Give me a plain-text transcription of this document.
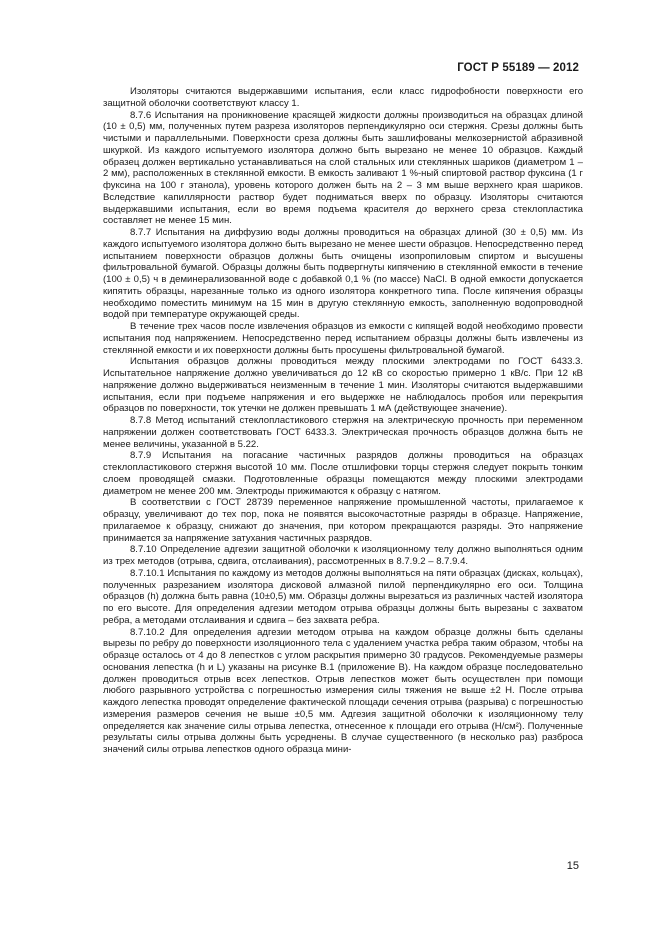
ГОСТ Р 55189 — 2012

Изоляторы считаются выдержавшими испытания, если класс гидрофобности поверхности его защитной оболочки соответствуют классу 1.

8.7.6 Испытания на проникновение красящей жидкости должны производиться на образцах длиной (10 ± 0,5) мм, полученных путем разреза изоляторов перпендикулярно оси стержня. Срезы должны быть чистыми и параллельными. Поверхности среза должны быть зашлифованы мелкозернистой абразивной шкуркой. Из каждого испытуемого изолятора должно быть вырезано не менее 10 образцов. Каждый образец должен вертикально устанавливаться на слой стальных или стеклянных шариков (диаметром 1 – 2 мм), расположенных в стеклянной емкости. В емкость заливают 1 %-ный спиртовой раствор фуксина (1 г фуксина на 100 г этанола), уровень которого должен быть на 2 – 3 мм выше верхнего края шариков. Вследствие капиллярности раствор будет подниматься вверх по образцу. Изоляторы считаются выдержавшими испытания, если во время подъема красителя до верхнего среза стеклопластика составляет не менее 15 мин.

8.7.7 Испытания на диффузию воды должны проводиться на образцах длиной (30 ± 0,5) мм. Из каждого испытуемого изолятора должно быть вырезано не менее шести образцов. Непосредственно перед испытанием поверхности образцов должны быть очищены изопропиловым спиртом и высушены фильтровальной бумагой. Образцы должны быть подвергнуты кипячению в стеклянной емкости в течение (100 ± 0,5) ч в деминерализованной воде с добавкой 0,1 % (по массе) NaCl. В одной емкости допускается кипятить образцы, нарезанные только из одного изолятора конкретного типа. После кипячения образцы необходимо поместить минимум на 15 мин в другую стеклянную емкость, заполненную водопроводной водой при температуре окружающей среды.

В течение трех часов после извлечения образцов из емкости с кипящей водой необходимо провести испытания под напряжением. Непосредственно перед испытанием образцы должны быть извлечены из стеклянной емкости и их поверхности должны быть просушены фильтровальной бумагой.

Испытания образцов должны проводиться между плоскими электродами по ГОСТ 6433.3. Испытательное напряжение должно увеличиваться до 12 кВ со скоростью примерно 1 кВ/с. При 12 кВ напряжение должно выдерживаться неизменным в течение 1 мин. Изоляторы считаются выдержавшими испытания, если при подъеме напряжения и его выдержке не наблюдалось пробоя или перекрытия образцов по поверхности, ток утечки не должен превышать 1 мА (действующее значение).

8.7.8 Метод испытаний стеклопластикового стержня на электрическую прочность при переменном напряжении должен соответствовать ГОСТ 6433.3. Электрическая прочность образцов должна быть не менее величины, указанной в 5.22.

8.7.9 Испытания на погасание частичных разрядов должны проводиться на образцах стеклопластикового стержня высотой 10 мм. После отшлифовки торцы стержня следует покрыть тонким слоем проводящей смазки. Подготовленные образцы помещаются между плоскими электродами диаметром не менее 200 мм. Электроды прижимаются к образцу с натягом.

В соответствии с ГОСТ 28739 переменное напряжение промышленной частоты, прилагаемое к образцу, увеличивают до тех пор, пока не появятся высокочастотные разряды в образце. Напряжение, прилагаемое к образцу, снижают до значения, при котором прекращаются разряды. Это напряжение принимается за напряжение затухания частичных разрядов.

8.7.10 Определение адгезии защитной оболочки к изоляционному телу должно выполняться одним из трех методов (отрыва, сдвига, отслаивания), рассмотренных в 8.7.9.2 – 8.7.9.4.

8.7.10.1 Испытания по каждому из методов должны выполняться на пяти образцах (дисках, кольцах), полученных разрезанием изолятора дисковой алмазной пилой перпендикулярно его оси. Толщина образцов (h) должна быть равна (10±0,5) мм. Образцы должны вырезаться из различных частей изолятора по его высоте. Для определения адгезии методом отрыва образцы должны быть вырезаны с захватом ребра, а методами отслаивания и сдвига – без захвата ребра.

8.7.10.2 Для определения адгезии методом отрыва на каждом образце должны быть сделаны вырезы по ребру до поверхности изоляционного тела с удалением участка ребра таким образом, чтобы на образце осталось от 4 до 8 лепестков с углом раскрытия примерно 30 градусов. Рекомендуемые размеры основания лепестка (h и L) указаны на рисунке В.1 (приложение В). На каждом образце последовательно должен проводиться отрыв всех лепестков. Отрыв лепестков может быть осуществлен при помощи любого разрывного устройства с погрешностью измерения силы тяжения не выше ±2 Н. После отрыва каждого лепестка проводят определение фактической площади сечения отрыва (разрыва) с погрешностью измерения размеров сечения не выше ±0,5 мм. Адгезия защитной оболочки к изоляционному телу определяется как значение силы отрыва лепестка, отнесенное к площади его отрыва (Н/см²). Полученные результаты силы отрыва должны быть усреднены. В случае существенного (в несколько раз) разброса значений силы отрыва лепестков одного образца мини-

15
